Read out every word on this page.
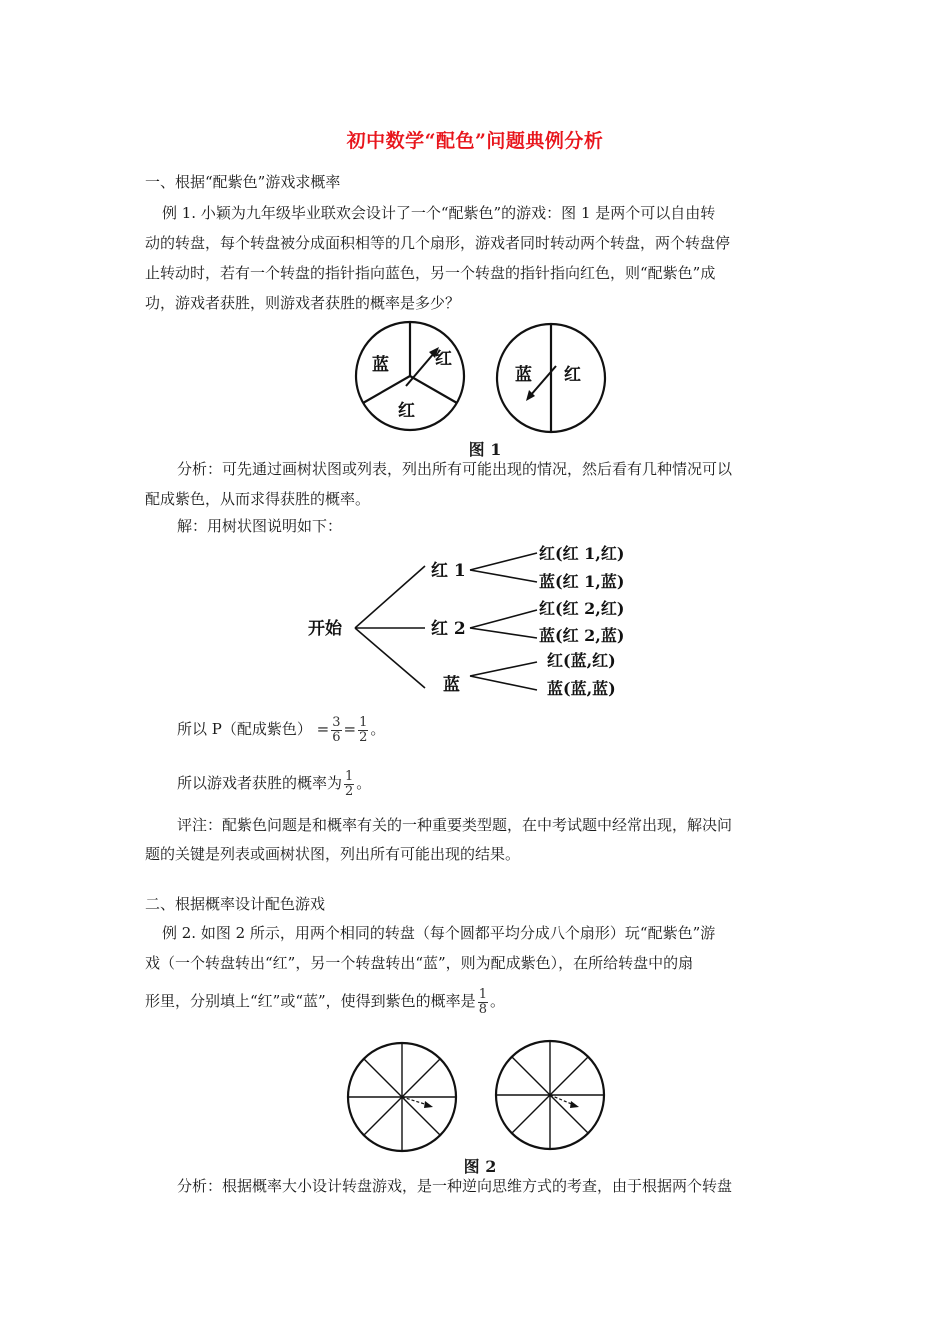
初中数学“配色”问题典例分析
一、根据“配紫色”游戏求概率
例 1. 小颖为九年级毕业联欢会设计了一个“配紫色”的游戏：图 1 是两个可以自由转
动的转盘，每个转盘被分成面积相等的几个扇形，游戏者同时转动两个转盘，两个转盘停
止转动时，若有一个转盘的指针指向蓝色，另一个转盘的指针指向红色，则“配紫色”成
功，游戏者获胜，则游戏者获胜的概率是多少？
蓝	红
红
蓝 红
图 1
分析：可先通过画树状图或列表，列出所有可能出现的情况，然后看有几种情况可以
配成紫色，从而求得获胜的概率。
解：用树状图说明如下：
开始
红 1
红 2
蓝
红(红 1,红)
蓝(红 1,蓝)
红(红 2,红)
蓝(红 2,蓝)
红(蓝,红)
蓝(蓝,蓝)
所以 P（配成紫色） = $\frac{3}{6} = \frac{1}{2}$ 。
所以游戏者获胜的概率为 $\frac{1}{2}$ 。
评注：配紫色问题是和概率有关的一种重要类型题，在中考试题中经常出现，解决问
题的关键是列表或画树状图，列出所有可能出现的结果。
二、根据概率设计配色游戏
例 2. 如图 2 所示，用两个相同的转盘（每个圆都平均分成八个扇形）玩“配紫色”游
戏（一个转盘转出“红”，另一个转盘转出“蓝”，则为配成紫色），在所给转盘中的扇
形里，分别填上“红”或“蓝”，使得到紫色的概率是 $\frac{1}{8}$ 。
图 2
分析：根据概率大小设计转盘游戏，是一种逆向思维方式的考查，由于根据两个转盘
